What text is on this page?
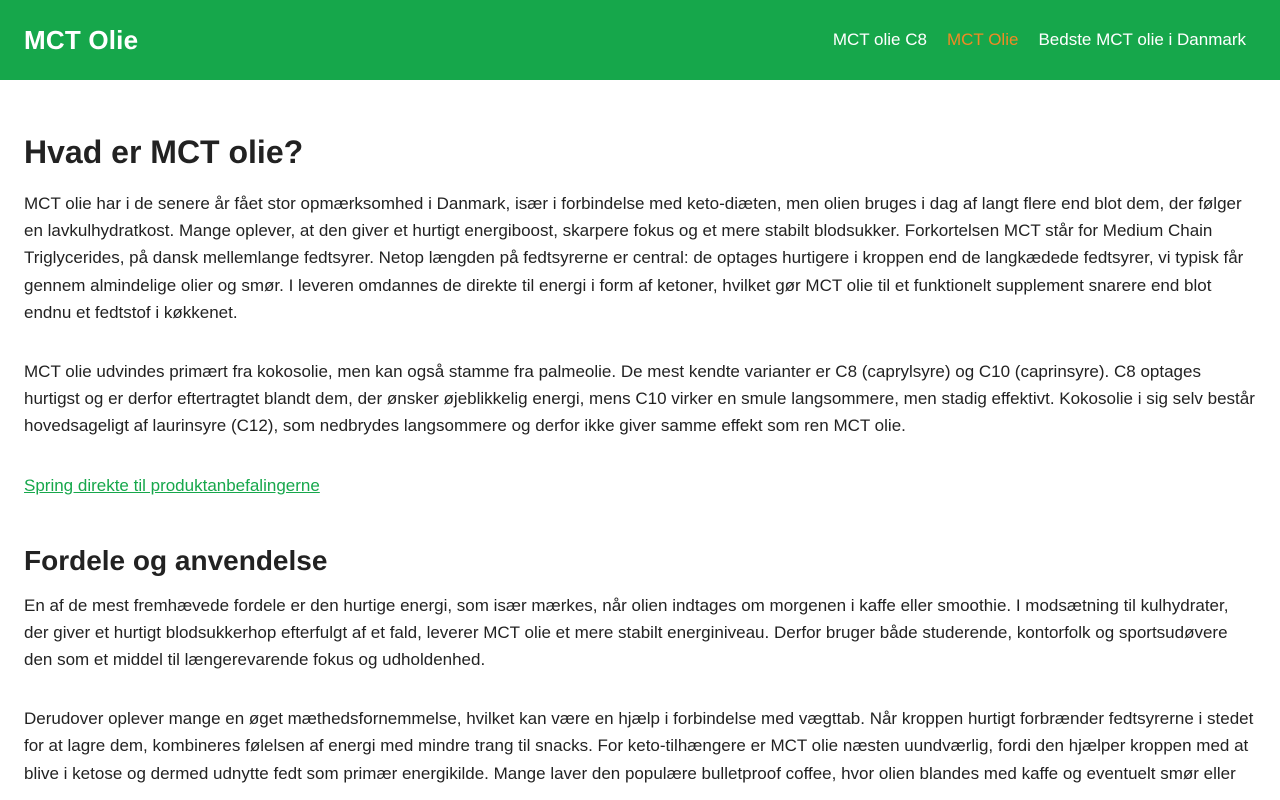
MCT Olie	MCT olie C8 MCT Olie Bedste MCT olie i Danmark
Hvad er MCT olie?

MCT olie har i de senere år fået stor opmærksomhed i Danmark, især i forbindelse med keto-diæten, men olien bruges i dag af langt flere end blot dem, der følger en lavkulhydratkost. Mange oplever, at den giver et hurtigt energiboost, skarpere fokus og et mere stabilt blodsukker. Forkortelsen MCT står for Medium Chain Triglycerides, på dansk mellemlange fedtsyrer. Netop længden på fedtsyrerne er central: de optages hurtigere i kroppen end de langkædede fedtsyrer, vi typisk får gennem almindelige olier og smør. I leveren omdannes de direkte til energi i form af ketoner, hvilket gør MCT olie til et funktionelt supplement snarere end blot endnu et fedtstof i køkkenet.

MCT olie udvindes primært fra kokosolie, men kan også stamme fra palmeolie. De mest kendte varianter er C8 (caprylsyre) og C10 (caprinsyre). C8 optages hurtigst og er derfor eftertragtet blandt dem, der ønsker øjeblikkelig energi, mens C10 virker en smule langsommere, men stadig effektivt. Kokosolie i sig selv består hovedsageligt af laurinsyre (C12), som nedbrydes langsommere og derfor ikke giver samme effekt som ren MCT olie.

Spring direkte til produktanbefalingerne
Fordele og anvendelse

En af de mest fremhævede fordele er den hurtige energi, som især mærkes, når olien indtages om morgenen i kaffe eller smoothie. I modsætning til kulhydrater, der giver et hurtigt blodsukkerhop efterfulgt af et fald, leverer MCT olie et mere stabilt energiniveau. Derfor bruger både studerende, kontorfolk og sportsudøvere den som et middel til længerevarende fokus og udholdenhed.

Derudover oplever mange en øget mæthedsfornemmelse, hvilket kan være en hjælp i forbindelse med vægttab. Når kroppen hurtigt forbrænder fedtsyrerne i stedet for at lagre dem, kombineres følelsen af energi med mindre trang til snacks. For keto-tilhængere er MCT olie næsten uundværlig, fordi den hjælper kroppen med at blive i ketose og dermed udnytte fedt som primær energikilde. Mange laver den populære bulletproof coffee, hvor olien blandes med kaffe og eventuelt smør eller
